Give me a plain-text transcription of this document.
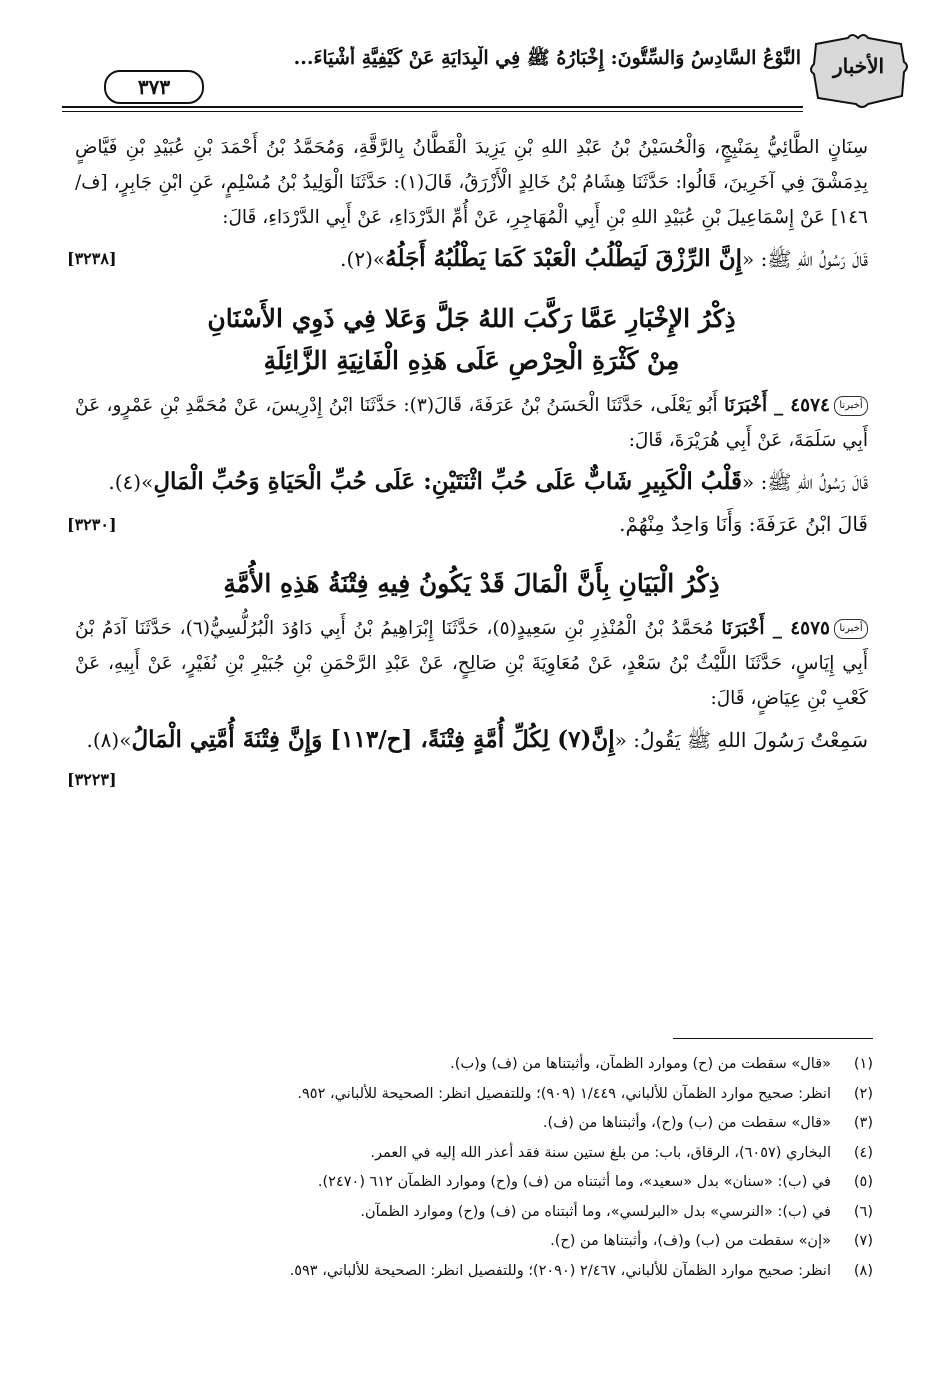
الأخبار
النَّوْعُ السَّادِسُ وَالسِّتُّونَ: إِخْبَارُهُ ﷺ فِي الْبِدَايَةِ عَنْ كَيْفِيَّةِ أَشْيَاءَ...
٣٧٣

سِنَانٍ الطَّائِيُّ بِمَنْبِجٍ، وَالْحُسَيْنُ بْنُ عَبْدِ اللهِ بْنِ يَزِيدَ الْقَطَّانُ بِالرَّقَّةِ، وَمُحَمَّدُ بْنُ أَحْمَدَ بْنِ عُبَيْدِ بْنِ فَيَّاضٍ بِدِمَشْقَ فِي آخَرِينَ، قَالُوا: حَدَّثَنَا هِشَامُ بْنُ خَالِدٍ الْأَزْرَقُ، قَالَ(١): حَدَّثَنَا الْوَلِيدُ بْنُ مُسْلِمٍ، عَنِ ابْنِ جَابِرٍ، [ف/١٤٦] عَنْ إِسْمَاعِيلَ بْنِ عُبَيْدِ اللهِ بْنِ أَبِي الْمُهَاجِرِ، عَنْ أُمِّ الدَّرْدَاءِ، عَنْ أَبِي الدَّرْدَاءِ، قَالَ:

قَالَ رَسُولُ اللهِ ﷺ: «إِنَّ الرِّزْقَ لَيَطْلُبُ الْعَبْدَ كَمَا يَطْلُبُهُ أَجَلُهُ»(٢).
[٣٢٣٨]
ذِكْرُ الإِخْبَارِ عَمَّا رَكَّبَ اللهُ جَلَّ وَعَلا فِي ذَوِي الأَسْنَانِ
مِنْ كَثْرَةِ الْحِرْصِ عَلَى هَذِهِ الْفَانِيَةِ الزَّائِلَةِ

أخبرنا٤٥٧٤ _ أَخْبَرَنَا أَبُو يَعْلَى، حَدَّثَنَا الْحَسَنُ بْنُ عَرَفَةَ، قَالَ(٣): حَدَّثَنَا ابْنُ إِدْرِيسَ، عَنْ مُحَمَّدِ بْنِ عَمْرٍو، عَنْ أَبِي سَلَمَةَ، عَنْ أَبِي هُرَيْرَةَ، قَالَ:

قَالَ رَسُولُ اللهِ ﷺ: «قَلْبُ الْكَبِيرِ شَابٌّ عَلَى حُبِّ اثْنَتَيْنِ: عَلَى حُبِّ الْحَيَاةِ وَحُبِّ الْمَالِ»(٤).
قَالَ ابْنُ عَرَفَةَ: وَأَنَا وَاحِدٌ مِنْهُمْ.
[٣٢٣٠]
ذِكْرُ الْبَيَانِ بِأَنَّ الْمَالَ قَدْ يَكُونُ فِيهِ فِتْنَةُ هَذِهِ الأُمَّةِ

أخبرنا٤٥٧٥ _ أَخْبَرَنَا مُحَمَّدُ بْنُ الْمُنْذِرِ بْنِ سَعِيدٍ(٥)، حَدَّثَنَا إِبْرَاهِيمُ بْنُ أَبِي دَاوُدَ الْبُرُلُّسِيُّ(٦)، حَدَّثَنَا آدَمُ بْنُ أَبِي إِيَاسٍ، حَدَّثَنَا اللَّيْثُ بْنُ سَعْدٍ، عَنْ مُعَاوِيَةَ بْنِ صَالِحٍ، عَنْ عَبْدِ الرَّحْمَنِ بْنِ جُبَيْرِ بْنِ نُفَيْرٍ، عَنْ أَبِيهِ، عَنْ كَعْبِ بْنِ عِيَاضٍ، قَالَ:

سَمِعْتُ رَسُولَ اللهِ ﷺ يَقُولُ: «إِنَّ(٧) لِكُلِّ أُمَّةٍ فِتْنَةً، [ح/١١٣] وَإِنَّ فِتْنَةَ أُمَّتِي الْمَالُ»(٨).
[٣٢٢٣]
(١)
«قال» سقطت من (ح) وموارد الظمآن، وأثبتناها من (ف) و(ب).
(٢)
انظر: صحيح موارد الظمآن للألباني، ١/٤٤٩ (٩٠٩)؛ وللتفصيل انظر: الصحيحة للألباني، ٩٥٢.
(٣)
«قال» سقطت من (ب) و(ح)، وأثبتناها من (ف).
(٤)
البخاري (٦٠٥٧)، الرقاق، باب: من بلغ ستين سنة فقد أعذر الله إليه في العمر.
(٥)
في (ب): «سنان» بدل «سعيد»، وما أثبتناه من (ف) و(ح) وموارد الظمآن ٦١٢ (٢٤٧٠).
(٦)
في (ب): «النرسي» بدل «البرلسي»، وما أثبتناه من (ف) و(ح) وموارد الظمآن.
(٧)
«إن» سقطت من (ب) و(ف)، وأثبتناها من (ح).
(٨)
انظر: صحيح موارد الظمآن للألباني، ٢/٤٦٧ (٢٠٩٠)؛ وللتفصيل انظر: الصحيحة للألباني، ٥٩٣.
